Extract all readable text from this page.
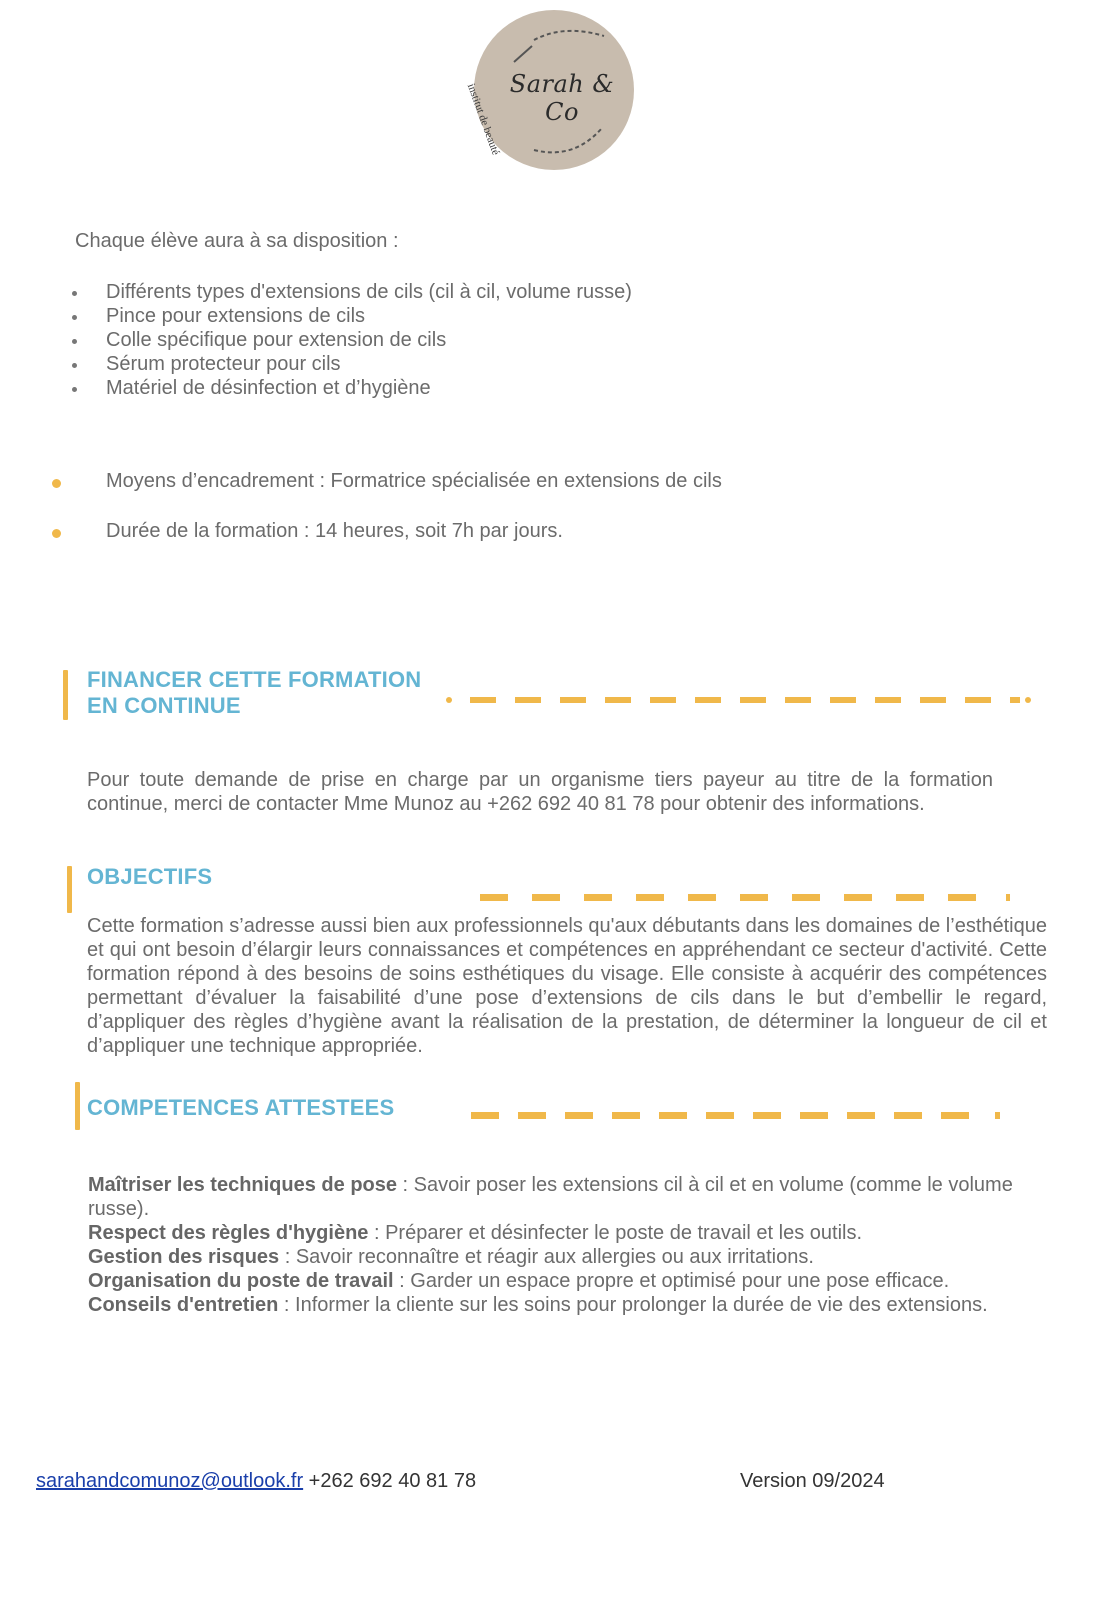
Sarah & Co
institut de beauté
Chaque élève aura à sa disposition :
Différents types d'extensions de cils (cil à cil, volume russe)
Pince pour extensions de cils
Colle spécifique pour extension de cils
Sérum protecteur pour cils
Matériel de désinfection et d’hygiène
Moyens d’encadrement : Formatrice spécialisée en extensions de cils
Durée de la formation : 14 heures, soit 7h par jours.
FINANCER CETTE FORMATION
EN CONTINUE
Pour toute demande de prise en charge par un organisme tiers payeur au titre de la formation continue, merci de contacter Mme Munoz au +262 692 40 81 78 pour obtenir des informations.
OBJECTIFS
Cette formation s’adresse aussi bien aux professionnels qu'aux débutants dans les domaines de l’esthétique et qui ont besoin d’élargir leurs connaissances et compétences en appréhendant ce secteur d'activité. Cette formation répond à des besoins de soins esthétiques du visage. Elle consiste à acquérir des compétences permettant d’évaluer la faisabilité d’une pose d’extensions de cils dans le but d’embellir le regard, d’appliquer des règles d’hygiène avant la réalisation de la prestation, de déterminer la longueur de cil et d’appliquer une technique appropriée.
COMPETENCES ATTESTEES
Maîtriser les techniques de pose : Savoir poser les extensions cil à cil et en volume (comme le volume russe).
Respect des règles d'hygiène : Préparer et désinfecter le poste de travail et les outils.
Gestion des risques : Savoir reconnaître et réagir aux allergies ou aux irritations.
Organisation du poste de travail : Garder un espace propre et optimisé pour une pose efficace.
Conseils d'entretien : Informer la cliente sur les soins pour prolonger la durée de vie des extensions.
sarahandcomunoz@outlook.fr +262 692 40 81 78	Version 09/2024
